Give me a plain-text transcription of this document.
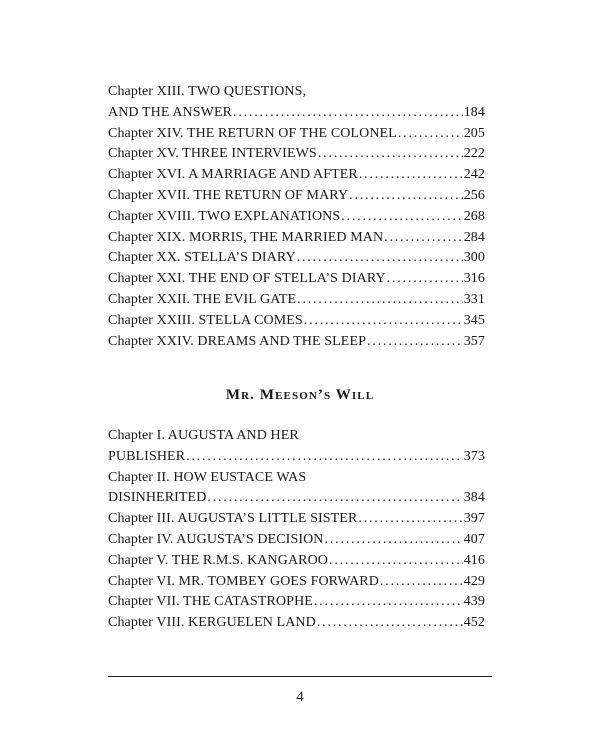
Chapter XIII. TWO QUESTIONS,
AND THE ANSWER .....	184
Chapter XIV. THE RETURN OF THE COLONEL .....	205
Chapter XV. THREE INTERVIEWS .....	222
Chapter XVI. A MARRIAGE AND AFTER .....	242
Chapter XVII. THE RETURN OF MARY .....	256
Chapter XVIII. TWO EXPLANATIONS .....	268
Chapter XIX. MORRIS, THE MARRIED MAN .....	284
Chapter XX. STELLA’S DIARY .....	300
Chapter XXI. THE END OF STELLA’S DIARY .....	316
Chapter XXII. THE EVIL GATE .....	331
Chapter XXIII. STELLA COMES .....	345
Chapter XXIV. DREAMS AND THE SLEEP .....	357
Mr. Meeson’s Will
Chapter I. AUGUSTA AND HER
PUBLISHER .....	373
Chapter II. HOW EUSTACE WAS
DISINHERITED .....	384
Chapter III. AUGUSTA’S LITTLE SISTER .....	397
Chapter IV. AUGUSTA’S DECISION .....	407
Chapter V. THE R.M.S. KANGAROO .....	416
Chapter VI. MR. TOMBEY GOES FORWARD .....	429
Chapter VII. THE CATASTROPHE .....	439
Chapter VIII. KERGUELEN LAND .....	452
4
